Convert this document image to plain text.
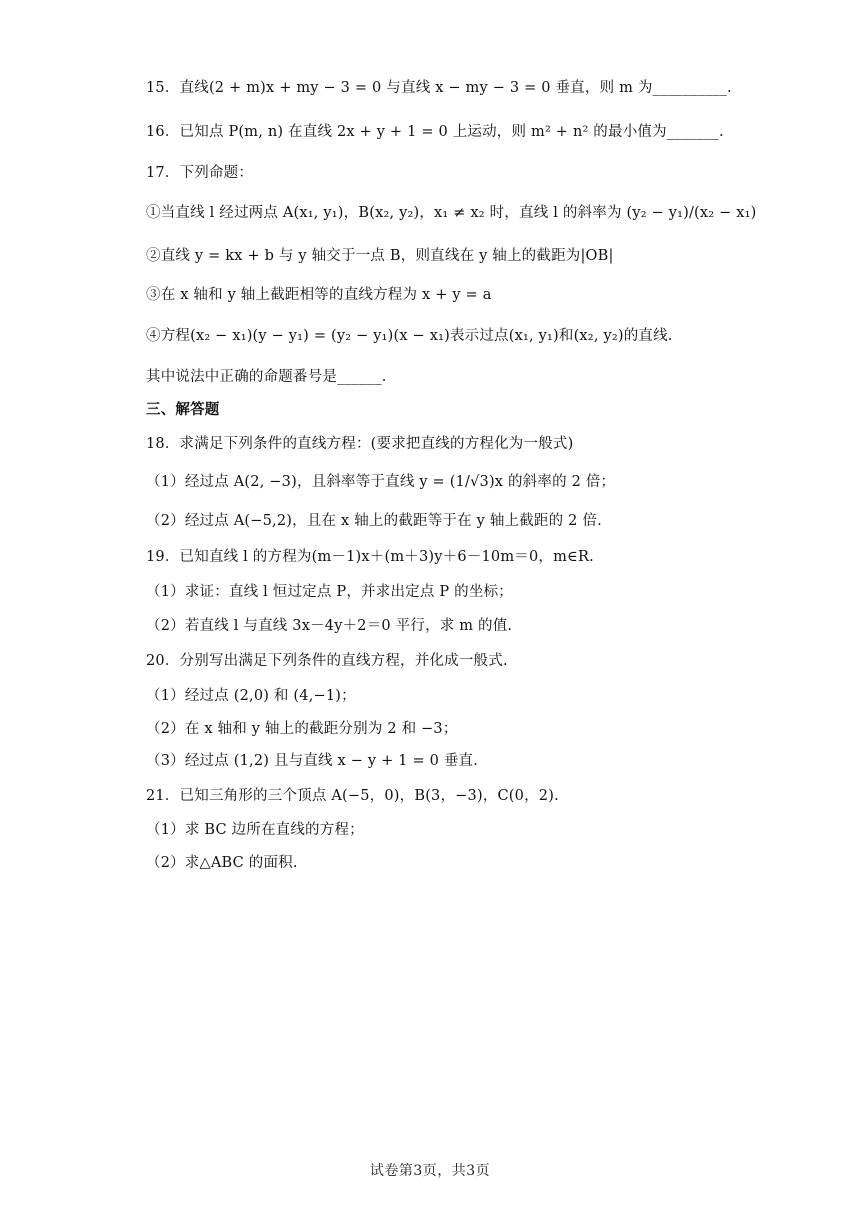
15．直线(2 + m)x + my − 3 = 0 与直线 x − my − 3 = 0 垂直，则 m 为__________.
16．已知点 P(m, n) 在直线 2x + y + 1 = 0 上运动，则 m² + n² 的最小值为_______.
17．下列命题：
①当直线 l 经过两点 A(x₁, y₁)，B(x₂, y₂)，x₁ ≠ x₂ 时，直线 l 的斜率为 (y₂ − y₁)/(x₂ − x₁)
②直线 y = kx + b 与 y 轴交于一点 B，则直线在 y 轴上的截距为|OB|
③在 x 轴和 y 轴上截距相等的直线方程为 x + y = a
④方程(x₂ − x₁)(y − y₁) = (y₂ − y₁)(x − x₁)表示过点(x₁, y₁)和(x₂, y₂)的直线.
其中说法中正确的命题番号是______.
三、解答题
18．求满足下列条件的直线方程：(要求把直线的方程化为一般式)
（1）经过点 A(2, −3)，且斜率等于直线 y = (1/√3)x 的斜率的 2 倍；
（2）经过点 A(−5,2)，且在 x 轴上的截距等于在 y 轴上截距的 2 倍.
19．已知直线 l 的方程为(m－1)x＋(m＋3)y＋6－10m＝0，m∈R.
（1）求证：直线 l 恒过定点 P，并求出定点 P 的坐标；
（2）若直线 l 与直线 3x－4y＋2＝0 平行，求 m 的值.
20．分别写出满足下列条件的直线方程，并化成一般式.
（1）经过点 (2,0) 和 (4,−1)；
（2）在 x 轴和 y 轴上的截距分别为 2 和 −3；
（3）经过点 (1,2) 且与直线 x − y + 1 = 0 垂直.
21．已知三角形的三个顶点 A(−5，0)，B(3，−3)，C(0，2).
（1）求 BC 边所在直线的方程；
（2）求△ABC 的面积.
试卷第3页，共3页
